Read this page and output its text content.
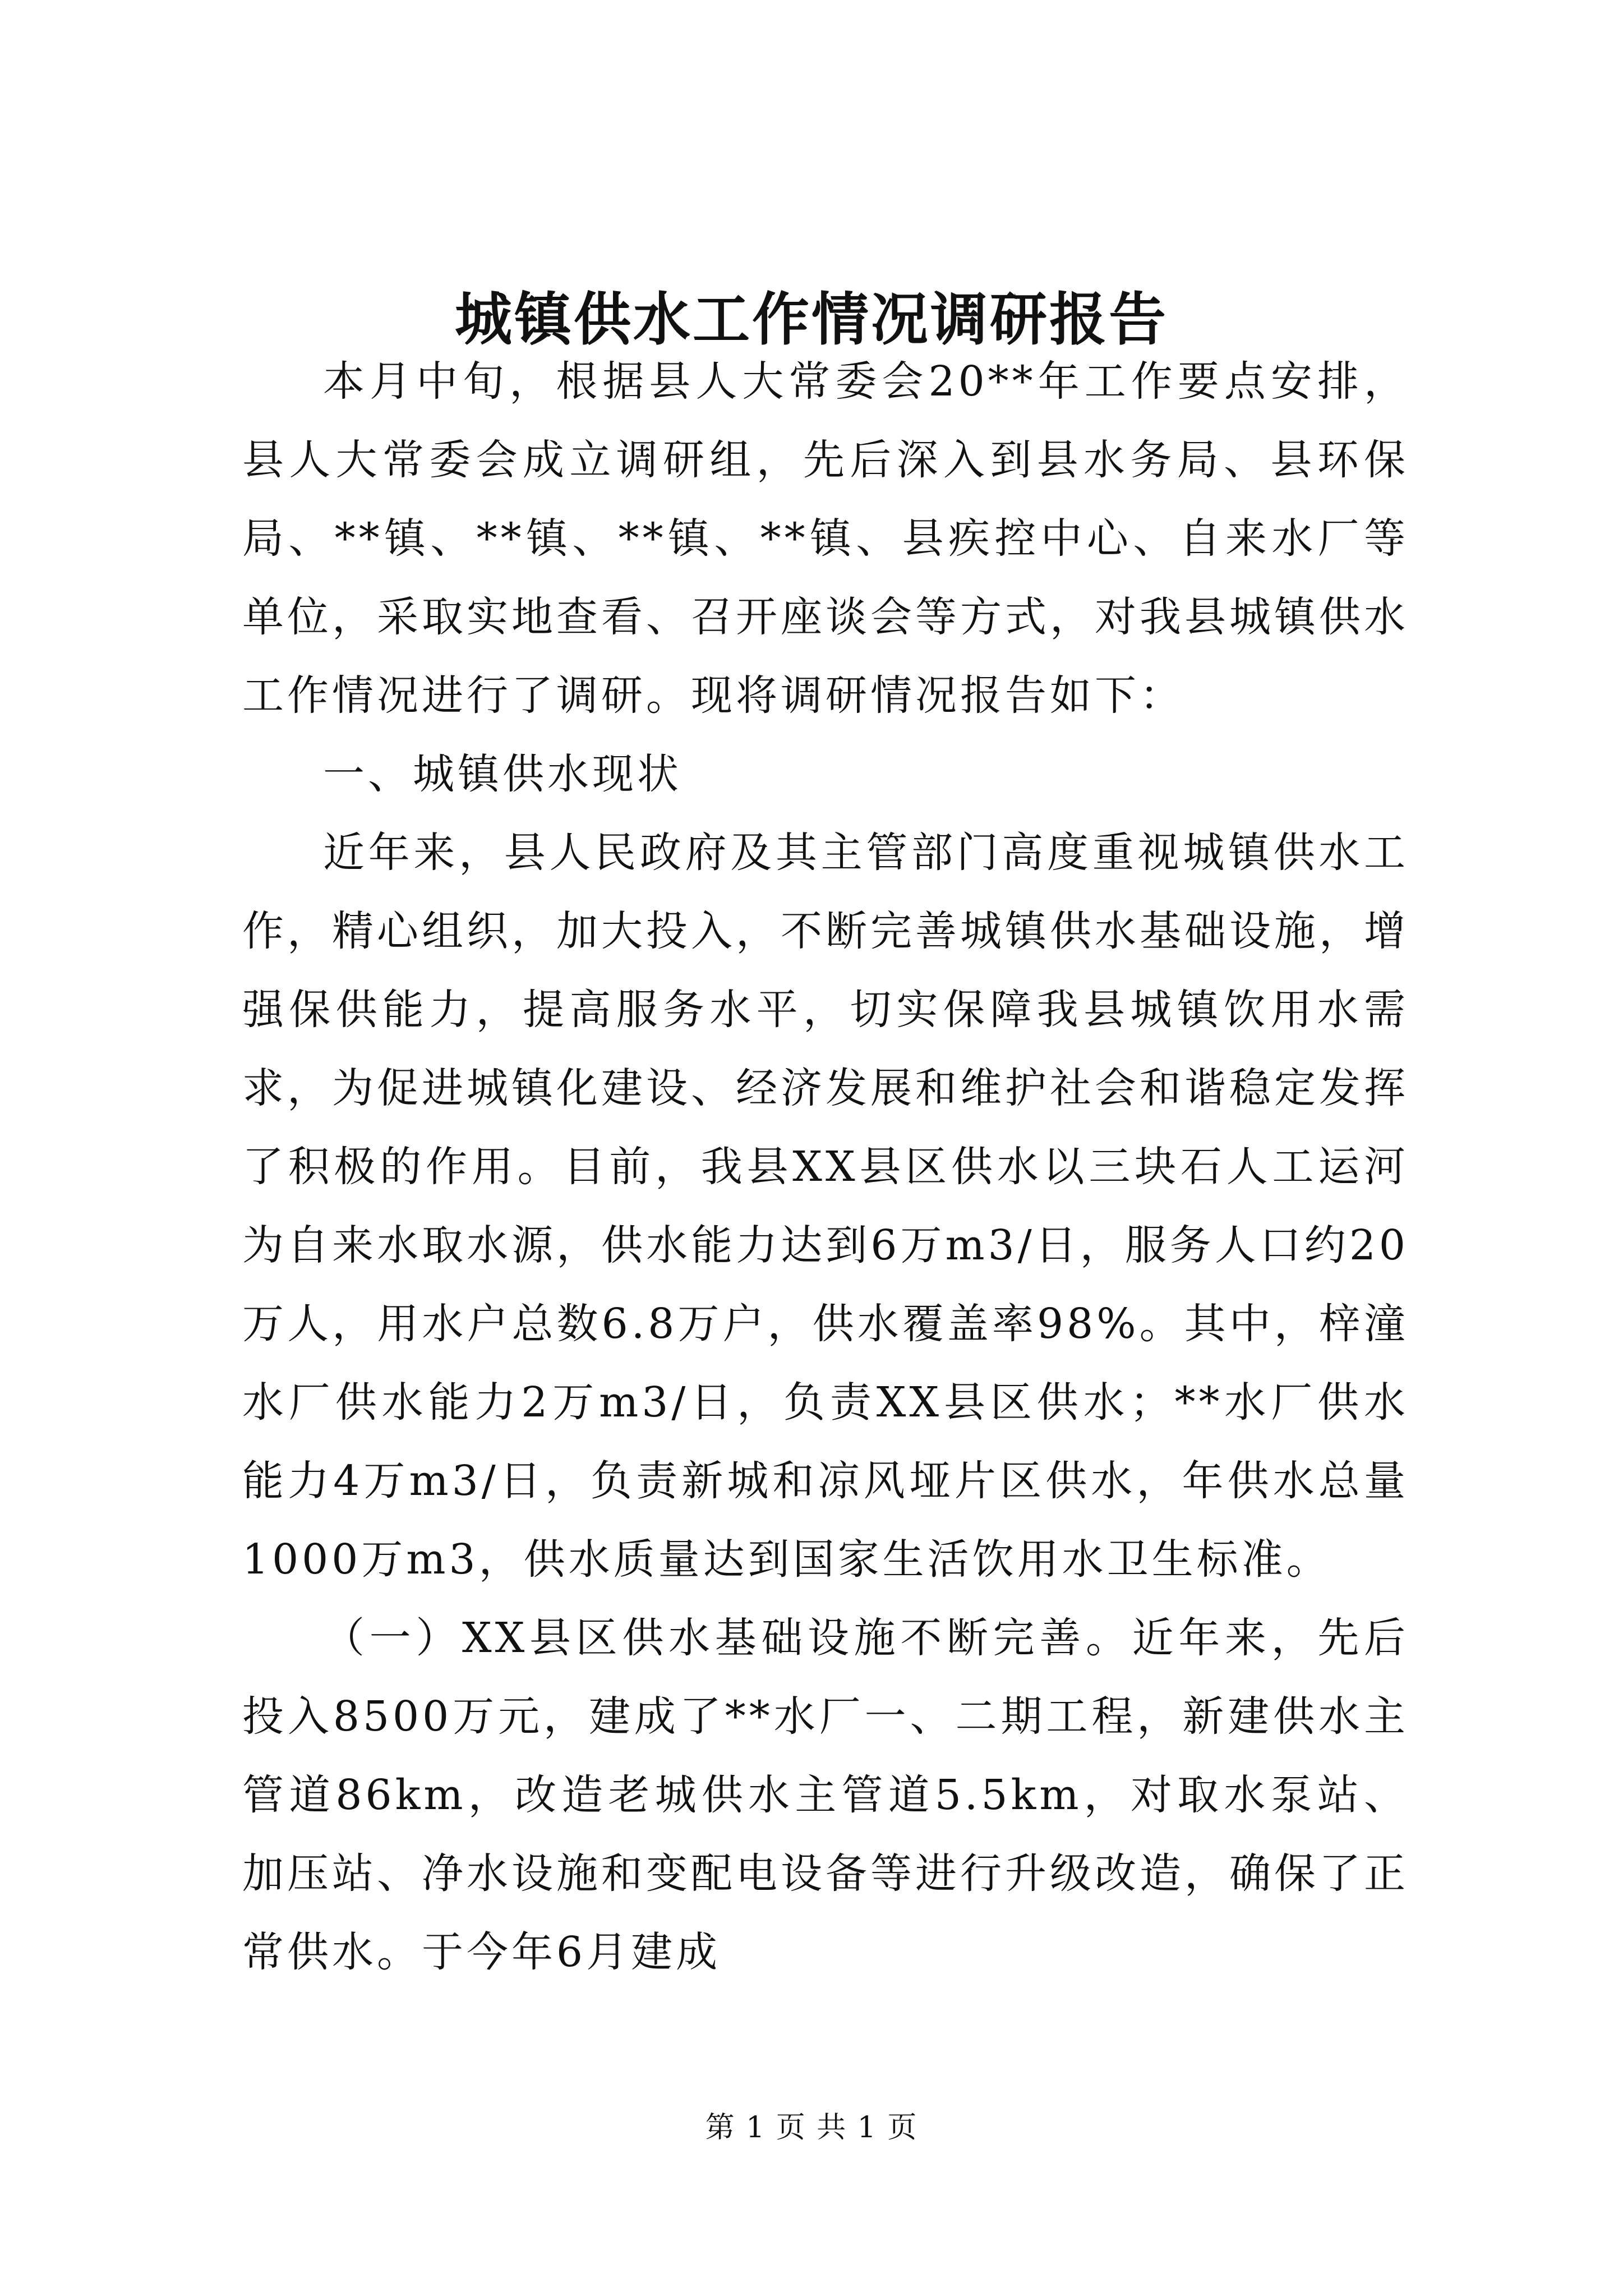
城镇供水工作情况调研报告

本月中旬，根据县人大常委会20**年工作要点安排，县人大常委会成立调研组，先后深入到县水务局、县环保局、**镇、**镇、**镇、**镇、县疾控中心、自来水厂等单位，采取实地查看、召开座谈会等方式，对我县城镇供水工作情况进行了调研。现将调研情况报告如下：

一、城镇供水现状

近年来，县人民政府及其主管部门高度重视城镇供水工作，精心组织，加大投入，不断完善城镇供水基础设施，增强保供能力，提高服务水平，切实保障我县城镇饮用水需求，为促进城镇化建设、经济发展和维护社会和谐稳定发挥了积极的作用。目前，我县XX县区供水以三块石人工运河为自来水取水源，供水能力达到6万m3/日，服务人口约20万人，用水户总数6.8万户，供水覆盖率98%。其中，梓潼水厂供水能力2万m3/日，负责XX县区供水；**水厂供水能力4万m3/日，负责新城和凉风垭片区供水，年供水总量1000万m3，供水质量达到国家生活饮用水卫生标准。

（一）XX县区供水基础设施不断完善。近年来，先后投入8500万元，建成了**水厂一、二期工程，新建供水主管道86km，改造老城供水主管道5.5km，对取水泵站、加压站、净水设施和变配电设备等进行升级改造，确保了正常供水。于今年6月建成

第 1 页 共 1 页
